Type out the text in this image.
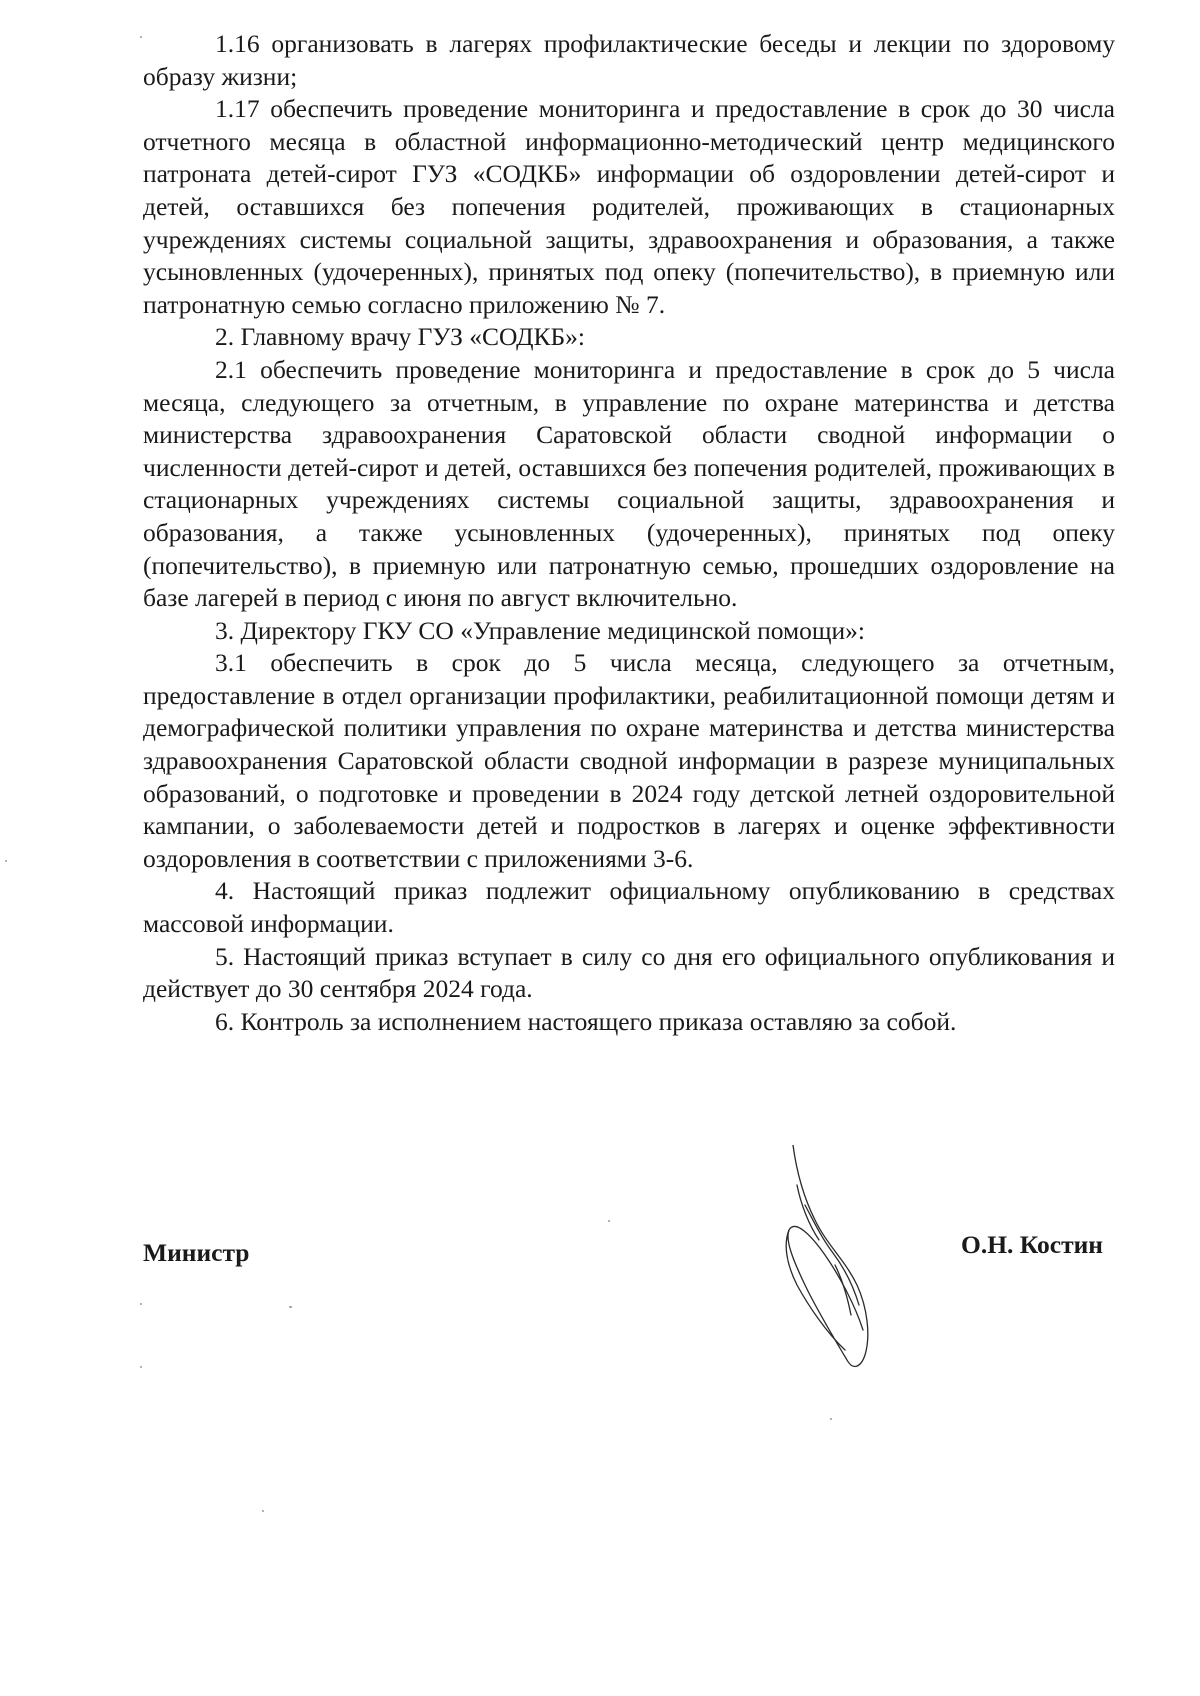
1.16 организовать в лагерях профилактические беседы и лекции по здоровому образу жизни;

1.17 обеспечить проведение мониторинга и предоставление в срок до 30 числа отчетного месяца в областной информационно-методический центр медицинского патроната детей-сирот ГУЗ «СОДКБ» информации об оздоровлении детей-сирот и детей, оставшихся без попечения родителей, проживающих в стационарных учреждениях системы социальной защиты, здравоохранения и образования, а также усыновленных (удочеренных), принятых под опеку (попечительство), в приемную или патронатную семью согласно приложению № 7.

2. Главному врачу ГУЗ «СОДКБ»:

2.1 обеспечить проведение мониторинга и предоставление в срок до 5 числа месяца, следующего за отчетным, в управление по охране материнства и детства министерства здравоохранения Саратовской области сводной информации о численности детей-сирот и детей, оставшихся без попечения родителей, проживающих в стационарных учреждениях системы социальной защиты, здравоохранения и образования, а также усыновленных (удочеренных), принятых под опеку (попечительство), в приемную или патронатную семью, прошедших оздоровление на базе лагерей в период с июня по август включительно.

3. Директору ГКУ СО «Управление медицинской помощи»:

3.1 обеспечить в срок до 5 числа месяца, следующего за отчетным, предоставление в отдел организации профилактики, реабилитационной помощи детям и демографической политики управления по охране материнства и детства министерства здравоохранения Саратовской области сводной информации в разрезе муниципальных образований, о подготовке и проведении в 2024 году детской летней оздоровительной кампании, о заболеваемости детей и подростков в лагерях и оценке эффективности оздоровления в соответствии с приложениями 3-6.

4. Настоящий приказ подлежит официальному опубликованию в средствах массовой информации.

5. Настоящий приказ вступает в силу со дня его официального опубликования и действует до 30 сентября 2024 года.

6. Контроль за исполнением настоящего приказа оставляю за собой.

Министр	О.Н. Костин
